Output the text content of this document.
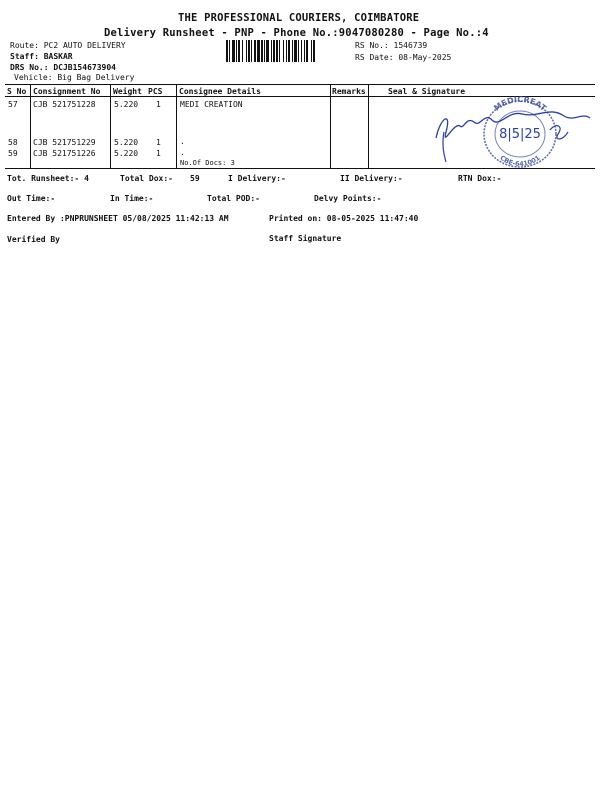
THE PROFESSIONAL COURIERS, COIMBATORE
Delivery Runsheet - PNP - Phone No.:9047080280 - Page No.:4
Route: PC2 AUTO DELIVERY
Staff: BASKAR
DRS No.: DCJB154673904
Vehicle: Big Bag Delivery
RS No.: 1546739
RS Date: 08-May-2025
S No Consignment No Weight PCS Consignee Details	Remarks	Seal & Signature
57 CJB 521751228 5.220 1 MEDI CREATION
58 CJB 521751229 5.220 1 .
59 CJB 521751226 5.220 1 .
No.Of Docs: 3
MEDICREAT
CBE-641001
8|5|25
Tot. Runsheet:- 4	Total Dox:- 59	I Delivery:-	II Delivery:-	RTN Dox:-
Out Time:-	In Time:-	Total POD:-	Delvy Points:-
Entered By :PNPRUNSHEET 05/08/2025 11:42:13 AM	Printed on: 08-05-2025 11:47:40
Verified By	Staff Signature
